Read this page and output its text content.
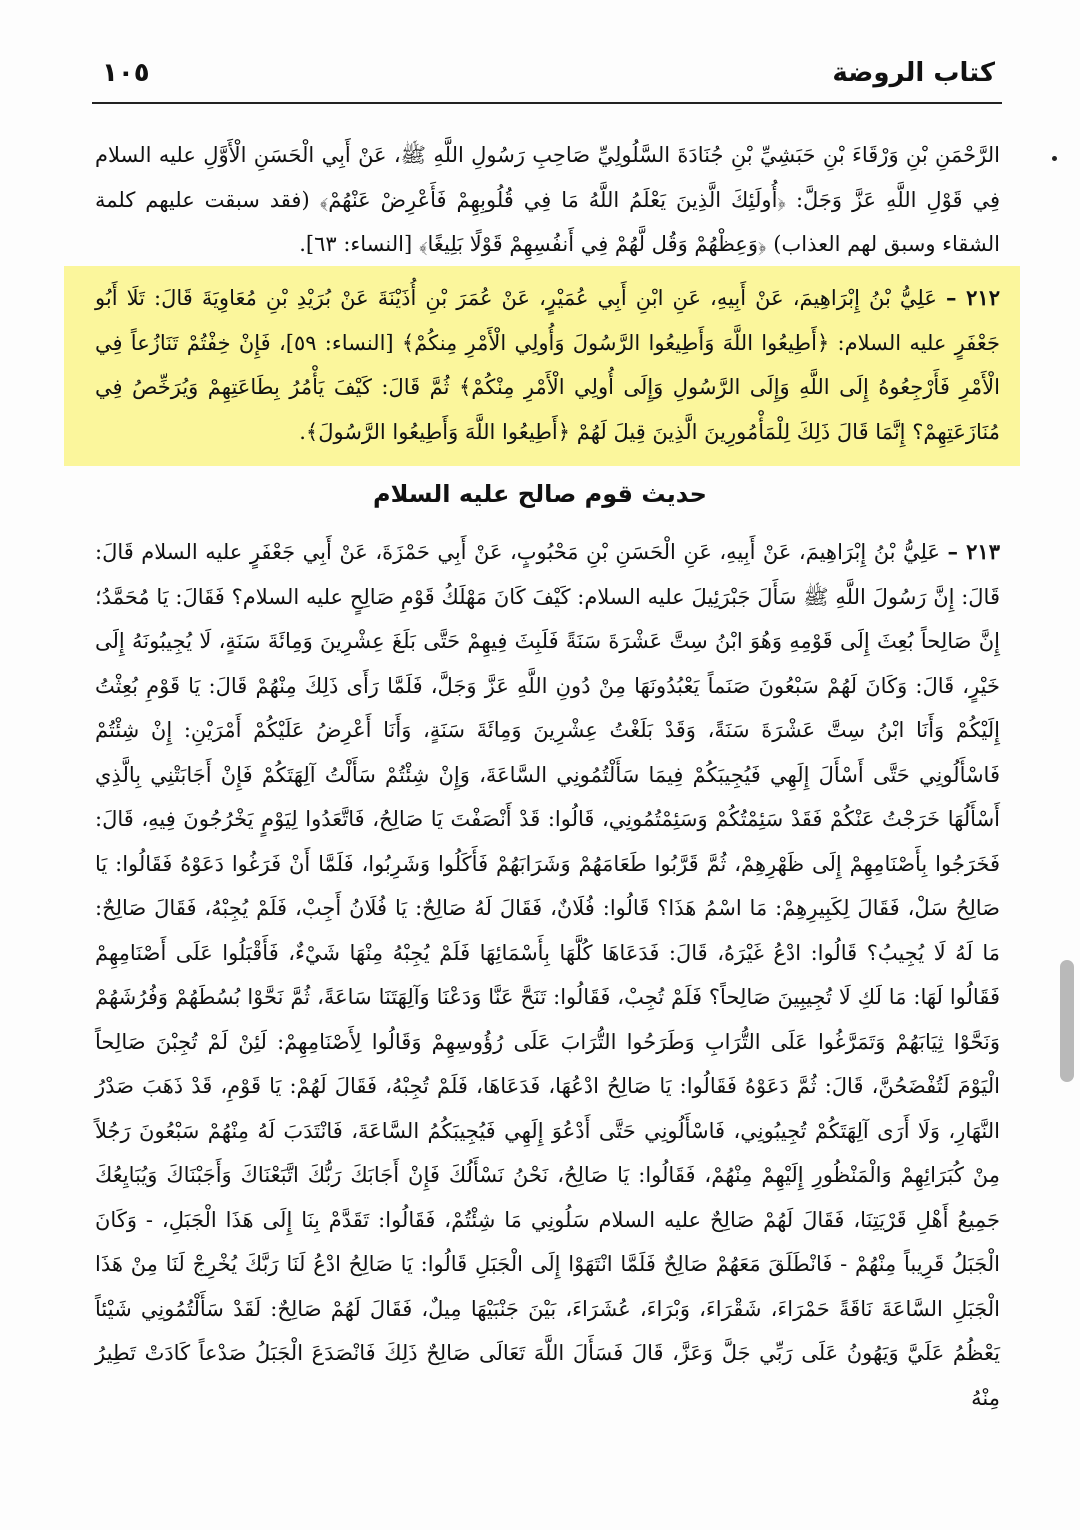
كتاب الروضة
١٠٥
الرَّحْمَنِ بْنِ وَرْقَاءَ بْنِ حَبَشِيِّ بْنِ جُنَادَةَ السَّلُولِيِّ صَاحِبِ رَسُولِ اللَّهِ ﷺ، عَنْ أَبِي الْحَسَنِ الْأَوَّلِ عليه السلام فِي قَوْلِ اللَّهِ عَزَّ وَجَلَّ: ﴿أُولَئِكَ الَّذِينَ يَعْلَمُ اللَّهُ مَا فِي قُلُوبِهِمْ فَأَعْرِضْ عَنْهُمْ﴾ (فقد سبقت عليهم كلمة الشقاء وسبق لهم العذاب) ﴿وَعِظْهُمْ وَقُل لَّهُمْ فِي أَنفُسِهِمْ قَوْلًا بَلِيغًا﴾ [النساء: ٦٣].
٢١٢ – عَلِيُّ بْنُ إِبْرَاهِيمَ، عَنْ أَبِيهِ، عَنِ ابْنِ أَبِي عُمَيْرٍ، عَنْ عُمَرَ بْنِ أُذَيْنَةَ عَنْ بُرَيْدِ بْنِ مُعَاوِيَةَ قَالَ: تَلَا أَبُو جَعْفَرٍ عليه السلام: ﴿أَطِيعُوا اللَّهَ وَأَطِيعُوا الرَّسُولَ وَأُولِي الْأَمْرِ مِنكُمْ﴾ [النساء: ٥٩]، فَإِنْ خِفْتُمْ تَنَازُعاً فِي الْأَمْرِ فَأَرْجِعُوهُ إِلَى اللَّهِ وَإِلَى الرَّسُولِ وَإِلَى أُولِي الْأَمْرِ مِنْكُمْ﴾ ثُمَّ قَالَ: كَيْفَ يَأْمُرُ بِطَاعَتِهِمْ وَيُرَخِّصُ فِي مُنَازَعَتِهِمْ؟ إِنَّمَا قَالَ ذَلِكَ لِلْمَأْمُورِينَ الَّذِينَ قِيلَ لَهُمْ ﴿أَطِيعُوا اللَّهَ وَأَطِيعُوا الرَّسُولَ﴾.
حديث قوم صالح عليه السلام
٢١٣ – عَلِيُّ بْنُ إِبْرَاهِيمَ، عَنْ أَبِيهِ، عَنِ الْحَسَنِ بْنِ مَحْبُوبٍ، عَنْ أَبِي حَمْزَةَ، عَنْ أَبِي جَعْفَرٍ عليه السلام قَالَ: قَالَ: إِنَّ رَسُولَ اللَّهِ ﷺ سَأَلَ جَبْرَئِيلَ عليه السلام: كَيْفَ كَانَ مَهْلَكُ قَوْمِ صَالِحٍ عليه السلام؟ فَقَالَ: يَا مُحَمَّدُ؛ إِنَّ صَالِحاً بُعِثَ إِلَى قَوْمِهِ وَهُوَ ابْنُ سِتَّ عَشْرَةَ سَنَةً فَلَبِثَ فِيهِمْ حَتَّى بَلَغَ عِشْرِينَ وَمِائَةَ سَنَةٍ، لَا يُجِيبُونَهُ إِلَى خَيْرٍ، قَالَ: وَكَانَ لَهُمْ سَبْعُونَ صَنَماً يَعْبُدُونَهَا مِنْ دُونِ اللَّهِ عَزَّ وَجَلَّ، فَلَمَّا رَأَى ذَلِكَ مِنْهُمْ قَالَ: يَا قَوْمِ بُعِثْتُ إِلَيْكُمْ وَأَنَا ابْنُ سِتَّ عَشْرَةَ سَنَةً، وَقَدْ بَلَغْتُ عِشْرِينَ وَمِائَةَ سَنَةٍ، وَأَنَا أَعْرِضُ عَلَيْكُمْ أَمْرَيْنِ: إِنْ شِئْتُمْ فَاسْأَلُونِي حَتَّى أَسْأَلَ إِلَهِي فَيُجِيبَكُمْ فِيمَا سَأَلْتُمُونِي السَّاعَةَ، وَإِنْ شِئْتُمْ سَأَلْتُ آلِهَتَكُمْ فَإِنْ أَجَابَتْنِي بِالَّذِي أَسْأَلُهَا خَرَجْتُ عَنْكُمْ فَقَدْ سَئِمْتُكُمْ وَسَئِمْتُمُونِي، قَالُوا: قَدْ أَنْصَفْتَ يَا صَالِحُ، فَاتَّعَدُوا لِيَوْمٍ يَخْرُجُونَ فِيهِ، قَالَ: فَخَرَجُوا بِأَصْنَامِهِمْ إِلَى ظَهْرِهِمْ، ثُمَّ قَرَّبُوا طَعَامَهُمْ وَشَرَابَهُمْ فَأَكَلُوا وَشَرِبُوا، فَلَمَّا أَنْ فَرَغُوا دَعَوْهُ فَقَالُوا: يَا صَالِحُ سَلْ، فَقَالَ لِكَبِيرِهِمْ: مَا اسْمُ هَذَا؟ قَالُوا: فُلَانٌ، فَقَالَ لَهُ صَالِحٌ: يَا فُلَانُ أَجِبْ، فَلَمْ يُجِبْهُ، فَقَالَ صَالِحٌ: مَا لَهُ لَا يُجِيبُ؟ قَالُوا: ادْعُ غَيْرَهُ، قَالَ: فَدَعَاهَا كُلَّهَا بِأَسْمَائِهَا فَلَمْ يُجِبْهُ مِنْهَا شَيْءٌ، فَأَقْبَلُوا عَلَى أَصْنَامِهِمْ فَقَالُوا لَهَا: مَا لَكِ لَا تُجِيبِينَ صَالِحاً؟ فَلَمْ تُجِبْ، فَقَالُوا: تَنَحَّ عَنَّا وَدَعْنَا وَآلِهَتَنَا سَاعَةً، ثُمَّ نَحَّوْا بُسُطَهُمْ وَفُرُشَهُمْ وَنَحَّوْا ثِيَابَهُمْ وَتَمَرَّغُوا عَلَى التُّرَابِ وَطَرَحُوا التُّرَابَ عَلَى رُؤُوسِهِمْ وَقَالُوا لِأَصْنَامِهِمْ: لَئِنْ لَمْ تُجِبْنَ صَالِحاً الْيَوْمَ لَتُفْضَحُنَّ، قَالَ: ثُمَّ دَعَوْهُ فَقَالُوا: يَا صَالِحُ ادْعُهَا، فَدَعَاهَا، فَلَمْ تُجِبْهُ، فَقَالَ لَهُمْ: يَا قَوْمِ، قَدْ ذَهَبَ صَدْرُ النَّهَارِ، وَلَا أَرَى آلِهَتَكُمْ تُجِيبُونِي، فَاسْأَلُونِي حَتَّى أَدْعُوَ إِلَهِي فَيُجِيبَكُمُ السَّاعَةَ، فَانْتَدَبَ لَهُ مِنْهُمْ سَبْعُونَ رَجُلاً مِنْ كُبَرَائِهِمْ وَالْمَنْظُورِ إِلَيْهِمْ مِنْهُمْ، فَقَالُوا: يَا صَالِحُ، نَحْنُ نَسْأَلُكَ فَإِنْ أَجَابَكَ رَبُّكَ اتَّبَعْنَاكَ وَأَجَبْنَاكَ وَيُبَايِعُكَ جَمِيعُ أَهْلِ قَرْيَتِنَا، فَقَالَ لَهُمْ صَالِحٌ عليه السلام سَلُونِي مَا شِئْتُمْ، فَقَالُوا: تَقَدَّمْ بِنَا إِلَى هَذَا الْجَبَلِ، - وَكَانَ الْجَبَلُ قَرِيباً مِنْهُمْ - فَانْطَلَقَ مَعَهُمْ صَالِحٌ فَلَمَّا انْتَهَوْا إِلَى الْجَبَلِ قَالُوا: يَا صَالِحُ ادْعُ لَنَا رَبَّكَ يُخْرِجْ لَنَا مِنْ هَذَا الْجَبَلِ السَّاعَةَ نَاقَةً حَمْرَاءَ، شَقْرَاءَ، وَبْرَاءَ، عُشَرَاءَ، بَيْنَ جَنْبَيْهَا مِيلٌ، فَقَالَ لَهُمْ صَالِحٌ: لَقَدْ سَأَلْتُمُونِي شَيْئاً يَعْظُمُ عَلَيَّ وَيَهُونُ عَلَى رَبِّي جَلَّ وَعَزَّ، قَالَ فَسَأَلَ اللَّهَ تَعَالَى صَالِحٌ ذَلِكَ فَانْصَدَعَ الْجَبَلُ صَدْعاً كَادَتْ تَطِيرُ مِنْهُ
